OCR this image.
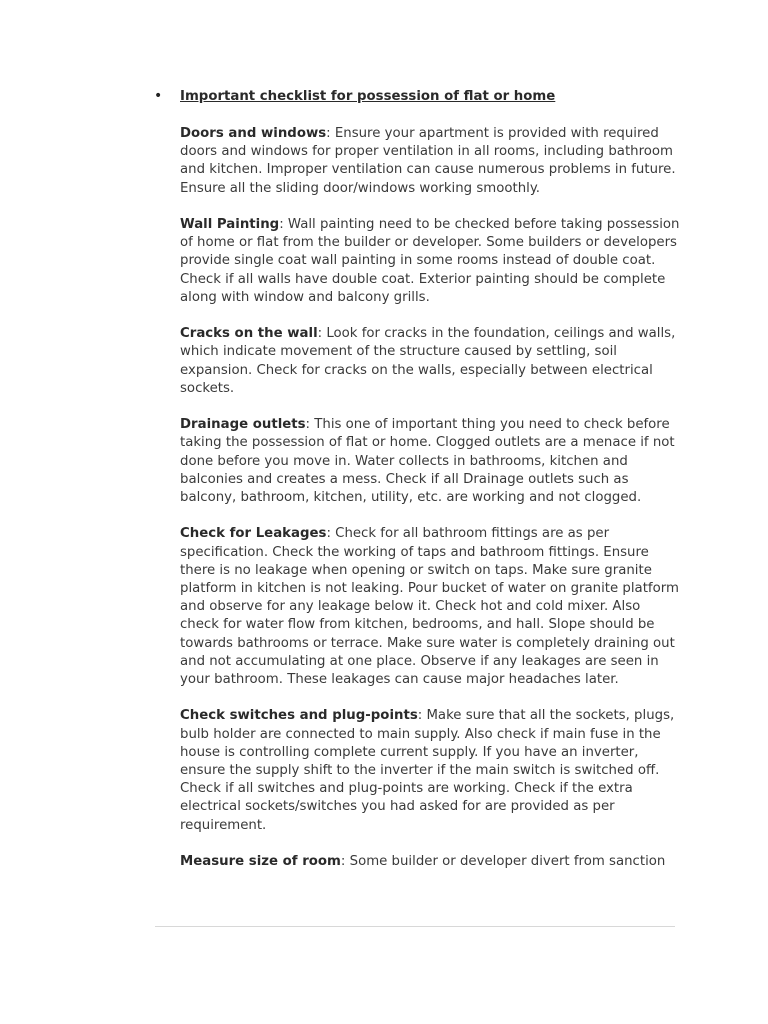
• Important checklist for possession of flat or home

Doors and windows: Ensure your apartment is provided with required doors and windows for proper ventilation in all rooms, including bathroom and kitchen. Improper ventilation can cause numerous problems in future. Ensure all the sliding door/windows working smoothly.

Wall Painting: Wall painting need to be checked before taking possession of home or flat from the builder or developer. Some builders or developers provide single coat wall painting in some rooms instead of double coat. Check if all walls have double coat. Exterior painting should be complete along with window and balcony grills.

Cracks on the wall: Look for cracks in the foundation, ceilings and walls, which indicate movement of the structure caused by settling, soil expansion. Check for cracks on the walls, especially between electrical sockets.

Drainage outlets: This one of important thing you need to check before taking the possession of flat or home. Clogged outlets are a menace if not done before you move in. Water collects in bathrooms, kitchen and balconies and creates a mess. Check if all Drainage outlets such as balcony, bathroom, kitchen, utility, etc. are working and not clogged.

Check for Leakages: Check for all bathroom fittings are as per specification. Check the working of taps and bathroom fittings. Ensure there is no leakage when opening or switch on taps. Make sure granite platform in kitchen is not leaking. Pour bucket of water on granite platform and observe for any leakage below it. Check hot and cold mixer. Also check for water flow from kitchen, bedrooms, and hall. Slope should be towards bathrooms or terrace. Make sure water is completely draining out and not accumulating at one place. Observe if any leakages are seen in your bathroom. These leakages can cause major headaches later.

Check switches and plug-points: Make sure that all the sockets, plugs, bulb holder are connected to main supply. Also check if main fuse in the house is controlling complete current supply. If you have an inverter, ensure the supply shift to the inverter if the main switch is switched off. Check if all switches and plug-points are working. Check if the extra electrical sockets/switches you had asked for are provided as per requirement.

Measure size of room: Some builder or developer divert from sanction
